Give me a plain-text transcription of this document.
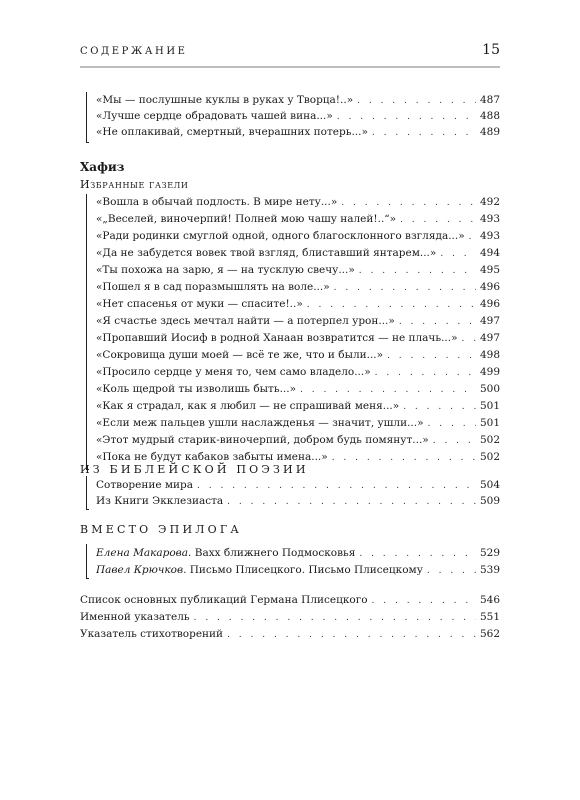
СОДЕРЖАНИЕ	15
«Мы — послушные куклы в руках у Творца!..» . . .	487
«Лучше сердце обрадовать чашей вина...» . . .	488
«Не оплакивай, смертный, вчерашних потерь...» . . .	489
Хафиз
Избранные газели
«Вошла в обычай подлость. В мире нету...» . . .	492
«„Веселей, виночерпий! Полней мою чашу налей!..“» . . .	493
«Ради родинки смуглой одной, одного благосклонного взгляда...» . . . 493
«Да не забудется вовек твой взгляд, блиставший янтарем...» . . .	494
«Ты похожа на зарю, я — на тусклую свечу...» . . .	495
«Пошел я в сад поразмышлять на воле...» . . .	496
«Нет спасенья от муки — спасите!..» . . .	496
«Я счастье здесь мечтал найти — а потерпел урон...» . . .	497
«Пропавший Иосиф в родной Ханаан возвратится — не плачь...» . . . 497
«Сокровища души моей — всё те же, что и были...» . . .	498
«Просило сердце у меня то, чем само владело...» . . .	499
«Коль щедрой ты изволишь быть...» . . .	500
«Как я страдал, как я любил — не спрашивай меня...» . . .	501
«Если меж пальцев ушли наслажденья — значит, ушли...» . . .	501
«Этот мудрый старик-виночерпий, добром будь помянут...» . . .	502
«Пока не будут кабаков забыты имена...» . . .	502
ИЗ БИБЛЕЙСКОЙ ПОЭЗИИ
Сотворение мира . . .	504
Из Книги Экклезиаста . . .	509
ВМЕСТО ЭПИЛОГА
Елена Макарова. Вахх ближнего Подмосковья . . .	529
Павел Крючков. Письмо Плисецкого. Письмо Плисецкому . . .	539
Список основных публикаций Германа Плисецкого . . .	546
Именной указатель . . .	551
Указатель стихотворений . . .	562
